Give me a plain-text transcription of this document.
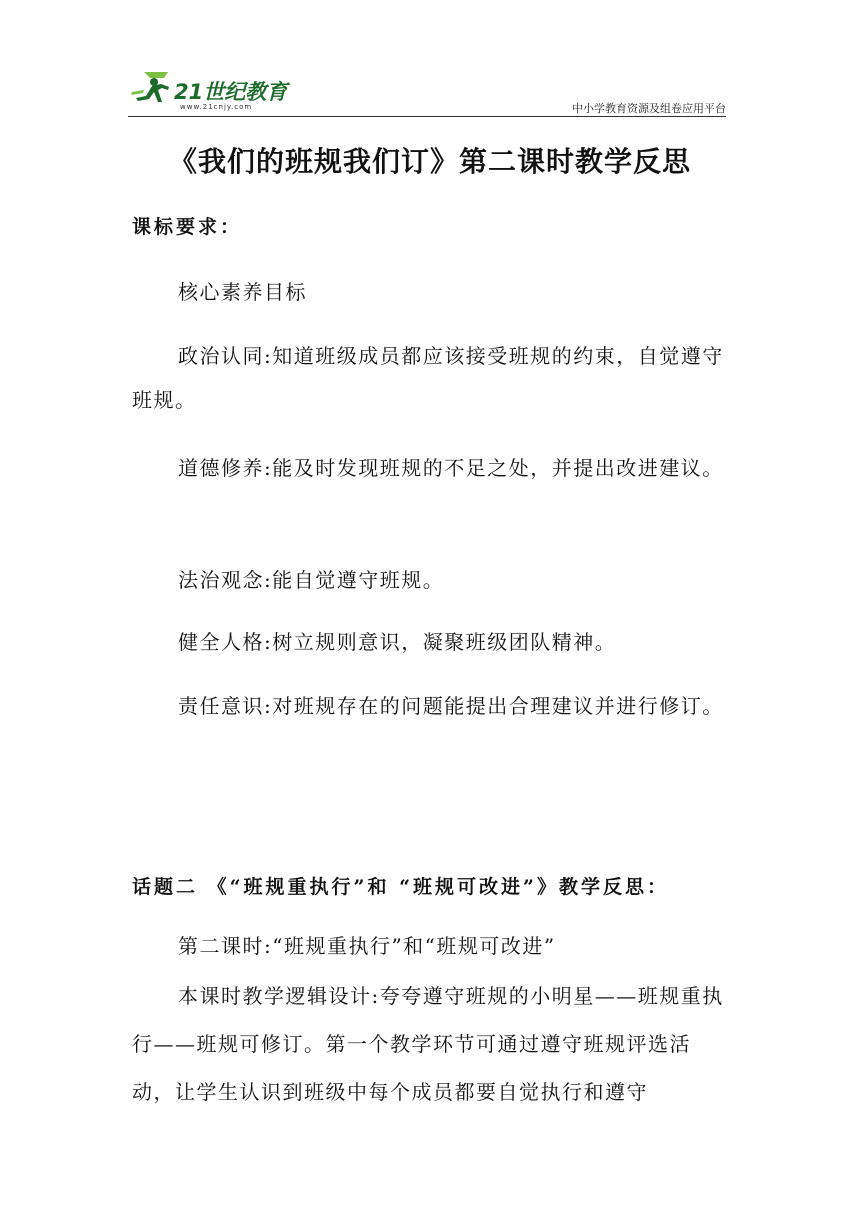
21世纪教育
www.21cnjy.com	中小学教育资源及组卷应用平台
《我们的班规我们订》第二课时教学反思
课标要求：
核心素养目标
政治认同:知道班级成员都应该接受班规的约束，自觉遵守班规。
道德修养:能及时发现班规的不足之处，并提出改进建议。
法治观念:能自觉遵守班规。
健全人格:树立规则意识，凝聚班级团队精神。
责任意识:对班规存在的问题能提出合理建议并进行修订。
话题二 《“班规重执行”和 “班规可改进”》教学反思：
第二课时:“班规重执行”和“班规可改进”
本课时教学逻辑设计:夸夸遵守班规的小明星——班规重执行——班规可修订。第一个教学环节可通过遵守班规评选活动，让学生认识到班级中每个成员都要自觉执行和遵守
